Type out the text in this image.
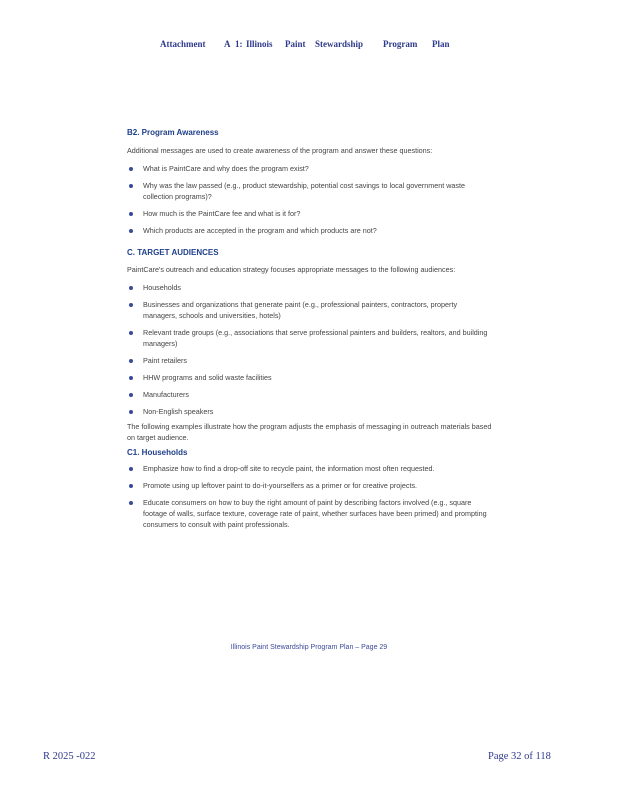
Attachment A 1: Illinois Paint Stewardship Program Plan
B2. Program Awareness

Additional messages are used to create awareness of the program and answer these questions:

What is PaintCare and why does the program exist?
Why was the law passed (e.g., product stewardship, potential cost savings to local government waste collection programs)?
How much is the PaintCare fee and what is it for?
Which products are accepted in the program and which products are not?
C. TARGET AUDIENCES

PaintCare's outreach and education strategy focuses appropriate messages to the following audiences:

Households
Businesses and organizations that generate paint (e.g., professional painters, contractors, property managers, schools and universities, hotels)
Relevant trade groups (e.g., associations that serve professional painters and builders, realtors, and building managers)
Paint retailers
HHW programs and solid waste facilities
Manufacturers
Non-English speakers

The following examples illustrate how the program adjusts the emphasis of messaging in outreach materials based on target audience.

C1. Households
Emphasize how to find a drop-off site to recycle paint, the information most often requested.
Promote using up leftover paint to do-it-yourselfers as a primer or for creative projects.
Educate consumers on how to buy the right amount of paint by describing factors involved (e.g., square footage of walls, surface texture, coverage rate of paint, whether surfaces have been primed) and prompting consumers to consult with paint professionals.
Illinois Paint Stewardship Program Plan – Page 29
R 2025 -022	Page 32 of 118
